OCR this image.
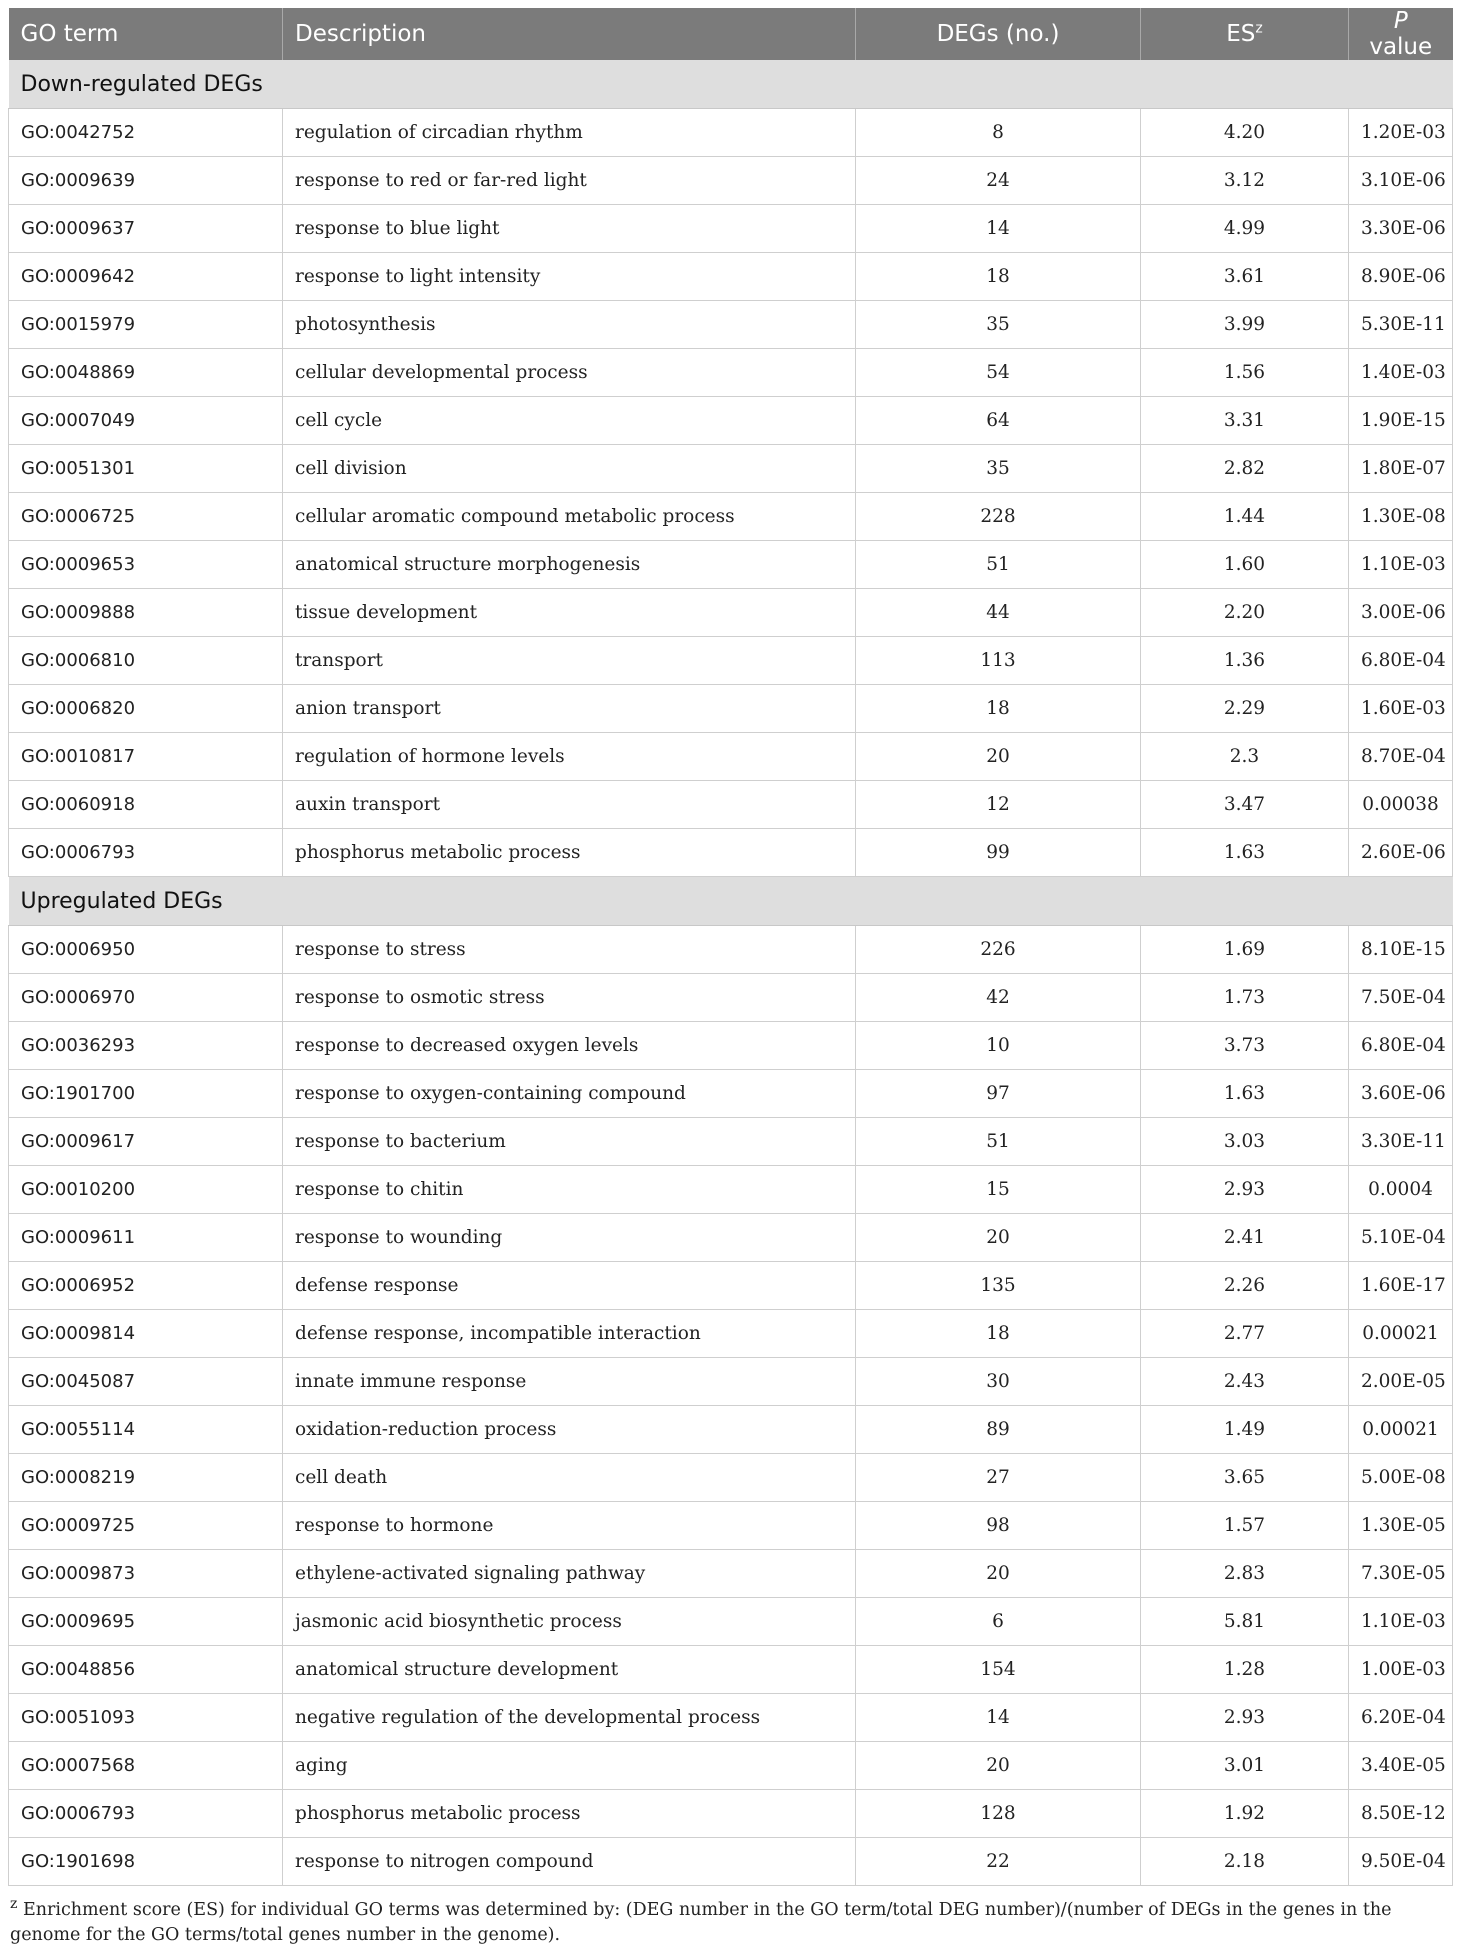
GO term	Description	DEGs (no.)	$ES^z$	P value
Down-regulated DEGs				
GO:0042752	regulation of circadian rhythm	8	4.20	1.20E-03
GO:0009639	response to red or far-red light	24	3.12	3.10E-06
GO:0009637	response to blue light	14	4.99	3.30E-06
GO:0009642	response to light intensity	18	3.61	8.90E-06
GO:0015979	photosynthesis	35	3.99	5.30E-11
GO:0048869	cellular developmental process	54	1.56	1.40E-03
GO:0007049	cell cycle	64	3.31	1.90E-15
GO:0051301	cell division	35	2.82	1.80E-07
GO:0006725	cellular aromatic compound metabolic process	228	1.44	1.30E-08
GO:0009653	anatomical structure morphogenesis	51	1.60	1.10E-03
GO:0009888	tissue development	44	2.20	3.00E-06
GO:0006810	transport	113	1.36	6.80E-04
GO:0006820	anion transport	18	2.29	1.60E-03
GO:0010817	regulation of hormone levels	20	2.3	8.70E-04
GO:0060918	auxin transport	12	3.47	0.00038
GO:0006793	phosphorus metabolic process	99	1.63	2.60E-06
Upregulated DEGs				
GO:0006950	response to stress	226	1.69	8.10E-15
GO:0006970	response to osmotic stress	42	1.73	7.50E-04
GO:0036293	response to decreased oxygen levels	10	3.73	6.80E-04
GO:1901700	response to oxygen-containing compound	97	1.63	3.60E-06
GO:0009617	response to bacterium	51	3.03	3.30E-11
GO:0010200	response to chitin	15	2.93	0.0004
GO:0009611	response to wounding	20	2.41	5.10E-04
GO:0006952	defense response	135	2.26	1.60E-17
GO:0009814	defense response, incompatible interaction	18	2.77	0.00021
GO:0045087	innate immune response	30	2.43	2.00E-05
GO:0055114	oxidation-reduction process	89	1.49	0.00021
GO:0008219	cell death	27	3.65	5.00E-08
GO:0009725	response to hormone	98	1.57	1.30E-05
GO:0009873	ethylene-activated signaling pathway	20	2.83	7.30E-05
GO:0009695	jasmonic acid biosynthetic process	6	5.81	1.10E-03
GO:0048856	anatomical structure development	154	1.28	1.00E-03
GO:0051093	negative regulation of the developmental process	14	2.93	6.20E-04
GO:0007568	aging	20	3.01	3.40E-05
GO:0006793	phosphorus metabolic process	128	1.92	8.50E-12
GO:1901698	response to nitrogen compound	22	2.18	9.50E-04
$^z$ Enrichment score (ES) for individual GO terms was determined by: (DEG number in the GO term/total DEG number)/(number of DEGs in the genes in the genome for the GO terms/total genes number in the genome).
